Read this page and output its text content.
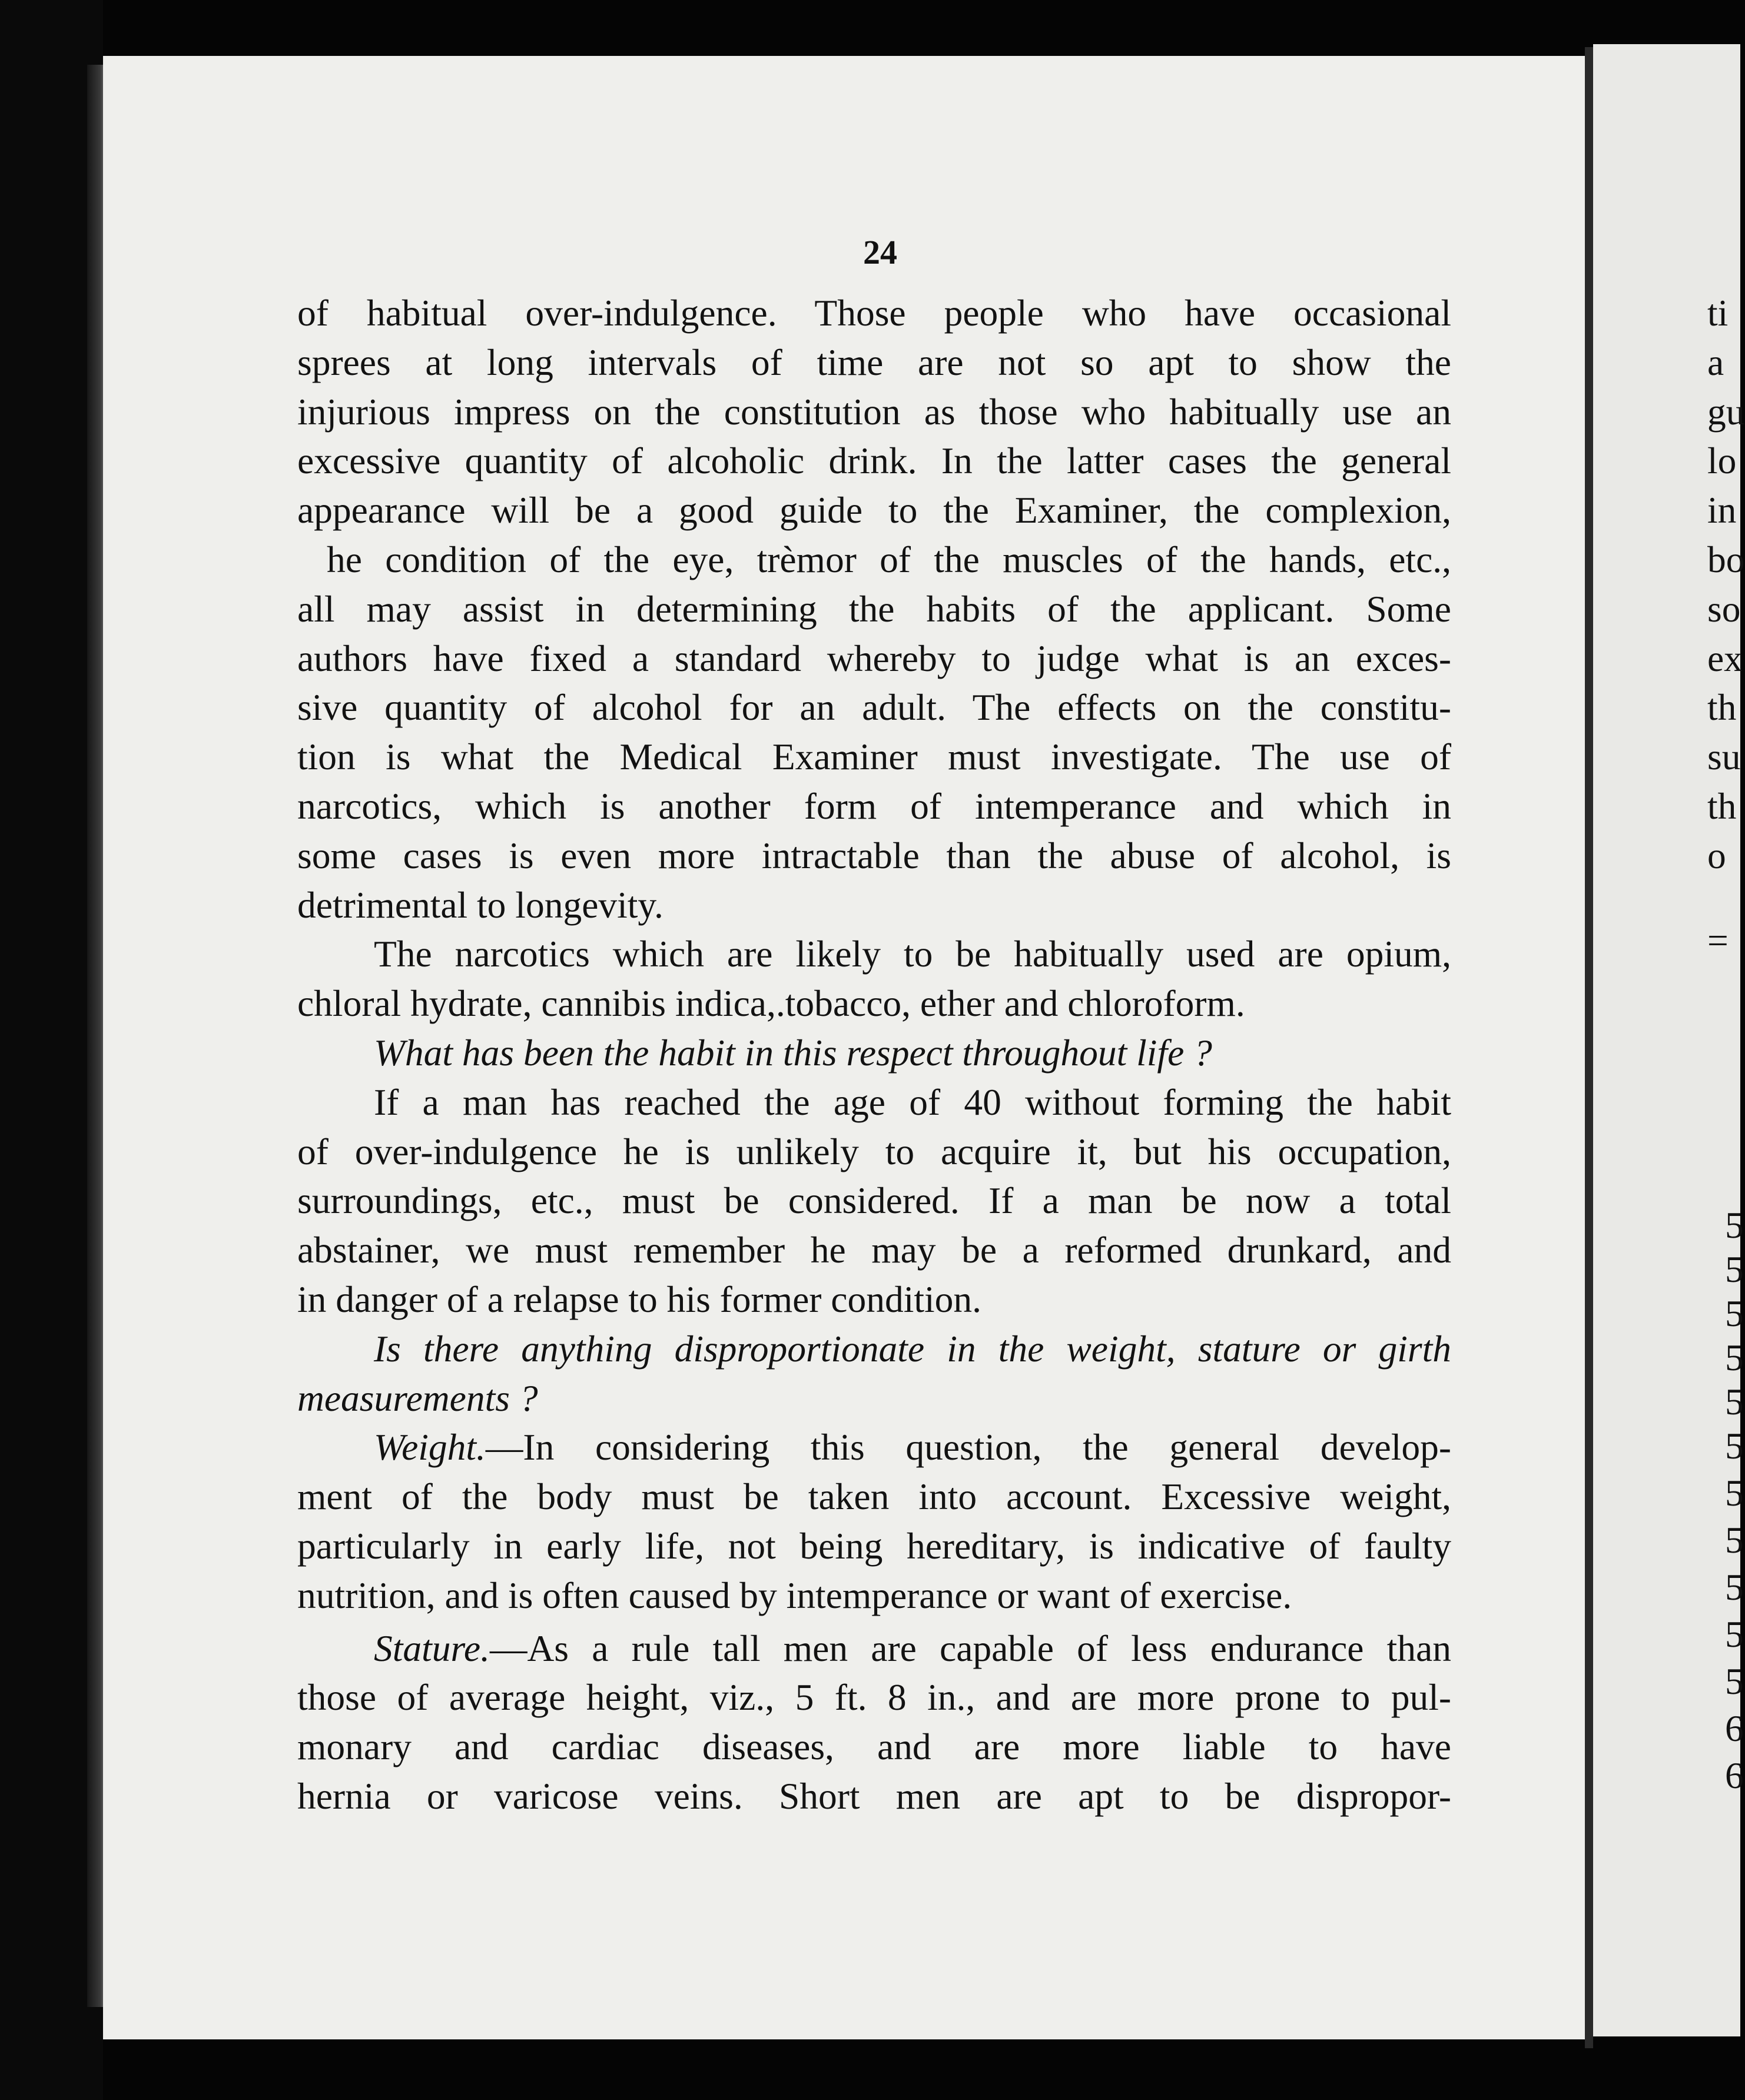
24
of habitual over-indulgence. Those people who have occasional
sprees at long intervals of time are not so apt to show the
injurious impress on the constitution as those who habitually use an
excessive quantity of alcoholic drink. In the latter cases the general
appearance will be a good guide to the Examiner, the complexion,
he condition of the eye, trèmor of the muscles of the hands, etc.,
all may assist in determining the habits of the applicant. Some
authors have fixed a standard whereby to judge what is an exces-
sive quantity of alcohol for an adult. The effects on the constitu-
tion is what the Medical Examiner must investigate. The use of
narcotics, which is another form of intemperance and which in
some cases is even more intractable than the abuse of alcohol, is
detrimental to longevity.
The narcotics which are likely to be habitually used are opium,
chloral hydrate, cannibis indica,.tobacco, ether and chloroform.
What has been the habit in this respect throughout life ?
If a man has reached the age of 40 without forming the habit
of over-indulgence he is unlikely to acquire it, but his occupation,
surroundings, etc., must be considered. If a man be now a total
abstainer, we must remember he may be a reformed drunkard, and
in danger of a relapse to his former condition.
Is there anything disproportionate in the weight, stature or girth
measurements ?
Weight.—In considering this question, the general develop-
ment of the body must be taken into account. Excessive weight,
particularly in early life, not being hereditary, is indicative of faulty
nutrition, and is often caused by intemperance or want of exercise.
Stature.—As a rule tall men are capable of less endurance than
those of average height, viz., 5 ft. 8 in., and are more prone to pul-
monary and cardiac diseases, and are more liable to have
hernia or varicose veins. Short men are apt to be dispropor-
ti
a
gu
lo
in
bo
so
ex
th
su
th
o
=
5
5
5
5
5
5
5
5
5
5
5
6
6
